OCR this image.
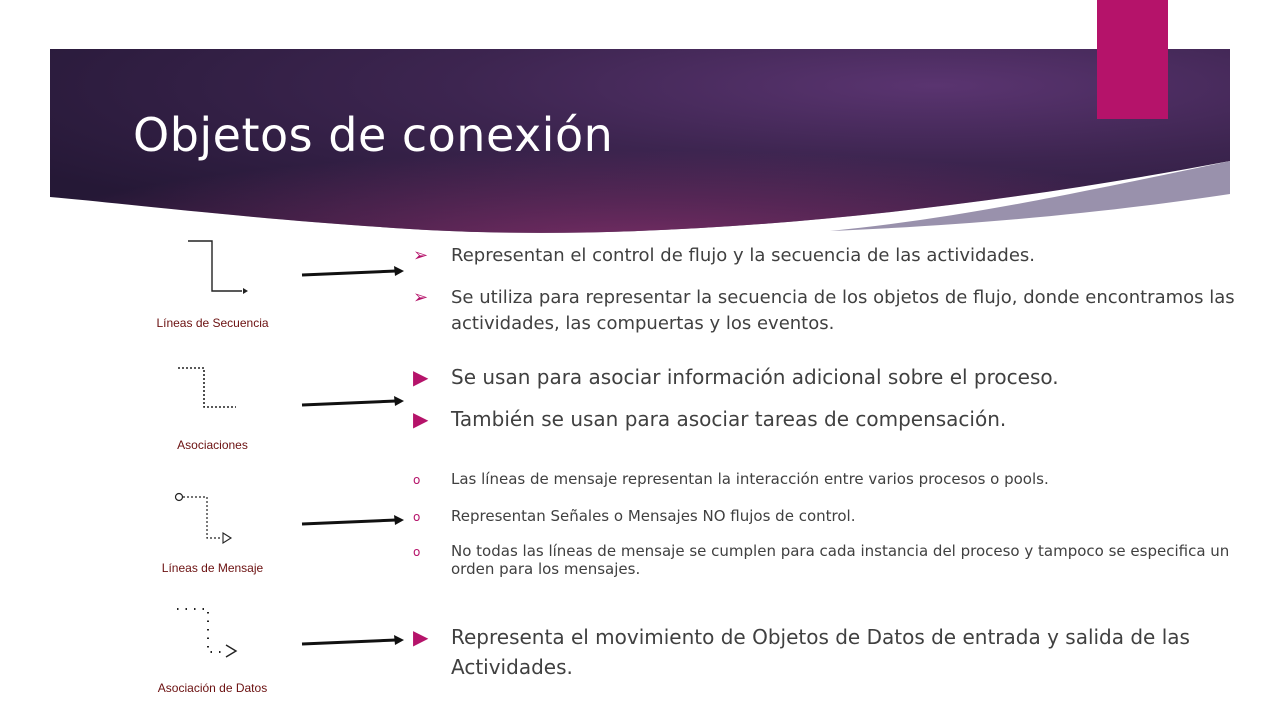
Objetos de conexión
Líneas de Secuencia
Asociaciones
Líneas de Mensaje
Asociación de Datos
➢ Representan el control de flujo y la secuencia de las actividades.
➢ Se utiliza para representar la secuencia de los objetos de flujo, donde encontramos las actividades, las compuertas y los eventos.
▶ Se usan para asociar información adicional sobre el proceso.
▶ También se usan para asociar tareas de compensación.
o Las líneas de mensaje representan la interacción entre varios procesos o pools.
o Representan Señales o Mensajes NO flujos de control.
o No todas las líneas de mensaje se cumplen para cada instancia del proceso y tampoco se especifica un orden para los mensajes.
▶ Representa el movimiento de Objetos de Datos de entrada y salida de las Actividades.
